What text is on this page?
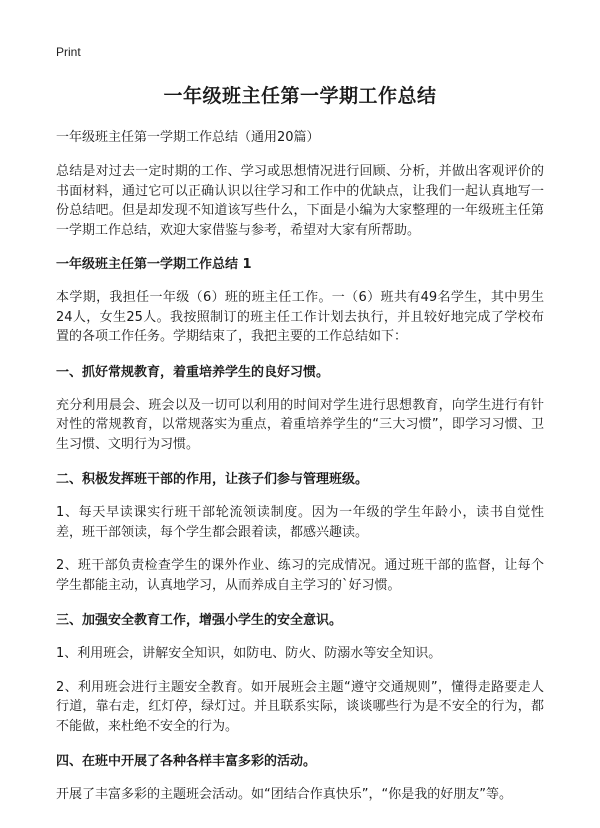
Print
一年级班主任第一学期工作总结
一年级班主任第一学期工作总结（通用20篇）

总结是对过去一定时期的工作、学习或思想情况进行回顾、分析，并做出客观评价的书面材料，通过它可以正确认识以往学习和工作中的优缺点，让我们一起认真地写一份总结吧。但是却发现不知道该写些什么，下面是小编为大家整理的一年级班主任第一学期工作总结，欢迎大家借鉴与参考，希望对大家有所帮助。

一年级班主任第一学期工作总结 1

本学期，我担任一年级（6）班的班主任工作。一（6）班共有49名学生，其中男生24人，女生25人。我按照制订的班主任工作计划去执行，并且较好地完成了学校布置的各项工作任务。学期结束了，我把主要的工作总结如下：

一、抓好常规教育，着重培养学生的良好习惯。

充分利用晨会、班会以及一切可以利用的时间对学生进行思想教育，向学生进行有针对性的常规教育，以常规落实为重点，着重培养学生的“三大习惯”，即学习习惯、卫生习惯、文明行为习惯。

二、积极发挥班干部的作用，让孩子们参与管理班级。

1、每天早读课实行班干部轮流领读制度。因为一年级的学生年龄小，读书自觉性差，班干部领读，每个学生都会跟着读，都感兴趣读。

2、班干部负责检查学生的课外作业、练习的完成情况。通过班干部的监督，让每个学生都能主动，认真地学习，从而养成自主学习的`好习惯。

三、加强安全教育工作，增强小学生的安全意识。

1、利用班会，讲解安全知识，如防电、防火、防溺水等安全知识。

2、利用班会进行主题安全教育。如开展班会主题“遵守交通规则”，懂得走路要走人行道，靠右走，红灯停，绿灯过。并且联系实际，谈谈哪些行为是不安全的行为，都不能做，来杜绝不安全的行为。

四、在班中开展了各种各样丰富多彩的活动。

开展了丰富多彩的主题班会活动。如“团结合作真快乐”，“你是我的好朋友”等。
